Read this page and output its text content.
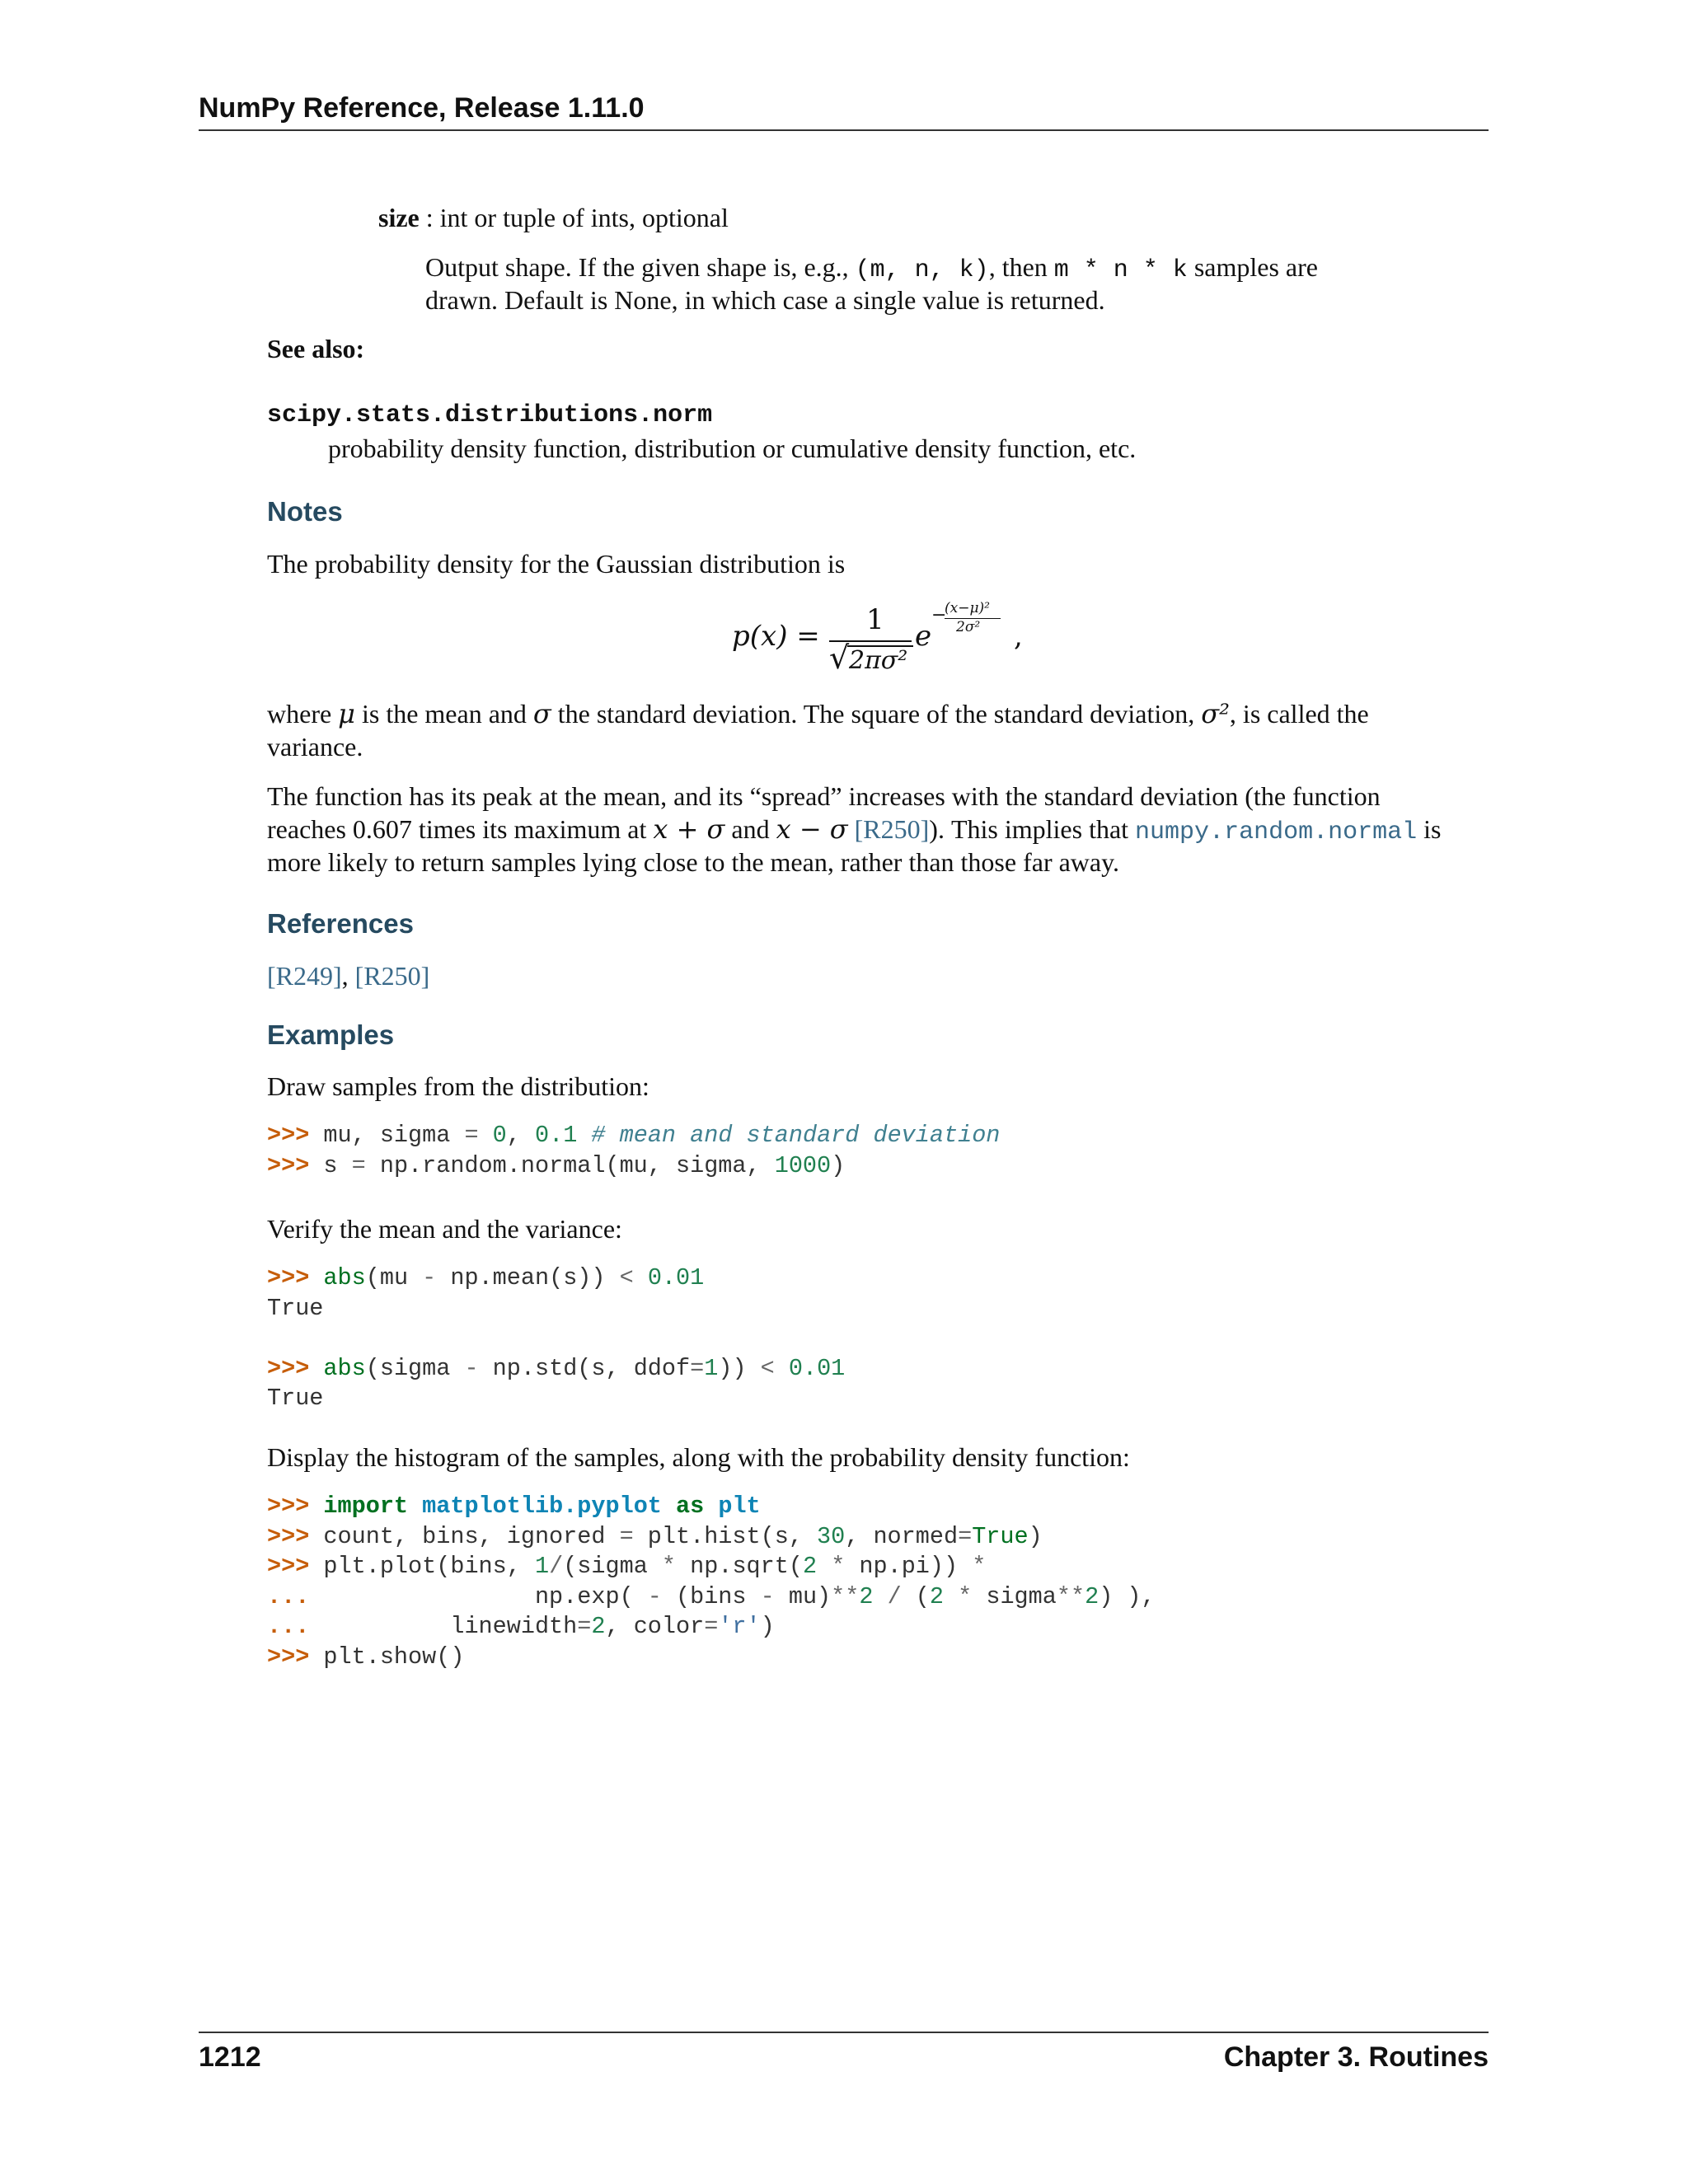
NumPy Reference, Release 1.11.0
size : int or tuple of ints, optional
Output shape. If the given shape is, e.g., (m, n, k), then m * n * k samples are
drawn. Default is None, in which case a single value is returned.
See also:
scipy.stats.distributions.norm
probability density function, distribution or cumulative density function, etc.
Notes
The probability density for the Gaussian distribution is
p(x) = 1
√ 2πσ²
e
−
(x−μ)²
2σ² ,
where μ is the mean and σ the standard deviation. The square of the standard deviation, σ², is called the
variance.
The function has its peak at the mean, and its “spread” increases with the standard deviation (the function
reaches 0.607 times its maximum at x + σ and x − σ [R250]). This implies that numpy.random.normal is
more likely to return samples lying close to the mean, rather than those far away.
References
[R249], [R250]
Examples
Draw samples from the distribution:
>>> mu, sigma = 0, 0.1 # mean and standard deviation
>>> s = np.random.normal(mu, sigma, 1000)
Verify the mean and the variance:
>>> abs(mu - np.mean(s)) < 0.01
True

>>> abs(sigma - np.std(s, ddof=1)) < 0.01
True
Display the histogram of the samples, along with the probability density function:
>>> import matplotlib.pyplot as plt
>>> count, bins, ignored = plt.hist(s, 30, normed=True)
>>> plt.plot(bins, 1/(sigma * np.sqrt(2 * np.pi)) *
...                np.exp( - (bins - mu)**2 / (2 * sigma**2) ),
...          linewidth=2, color='r')
>>> plt.show()
1212	Chapter 3. Routines
